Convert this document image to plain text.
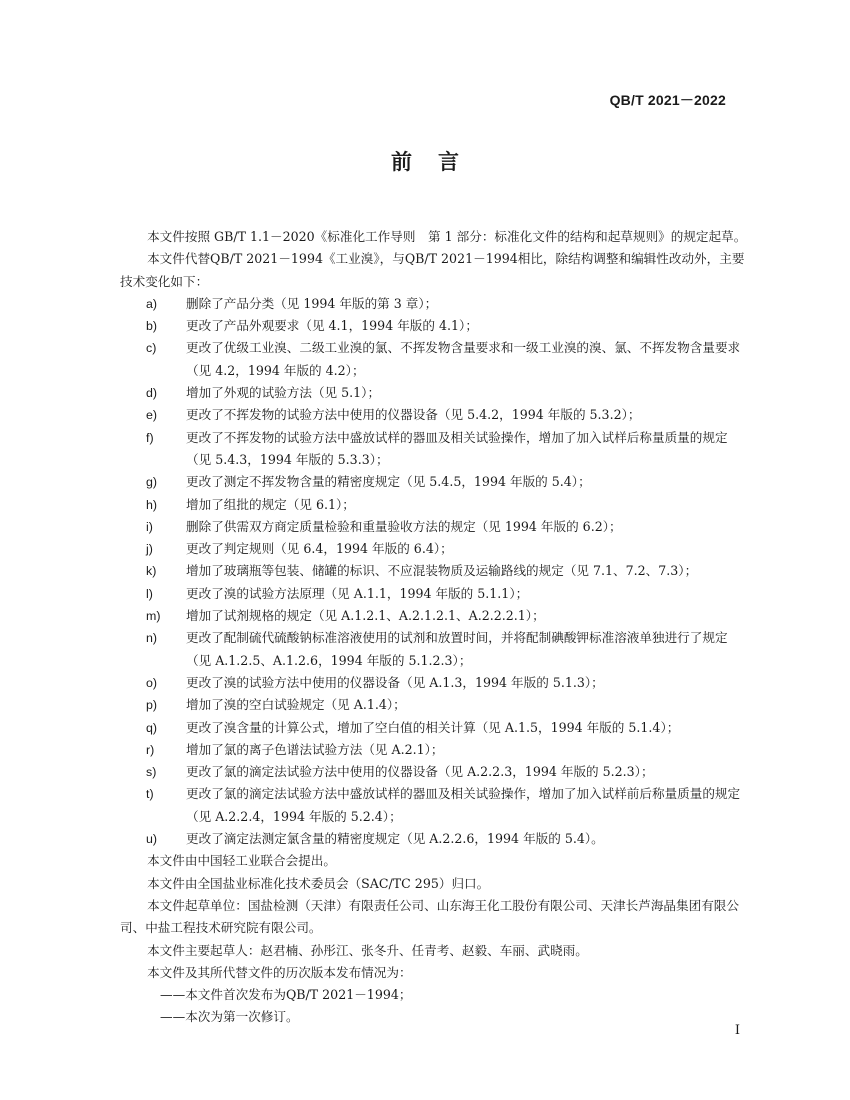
QB/T 2021－2022
前言

本文件按照 GB/T 1.1－2020《标准化工作导则　第 1 部分：标准化文件的结构和起草规则》的规定起草。

本文件代替QB/T 2021－1994《工业溴》，与QB/T 2021－1994相比，除结构调整和编辑性改动外，主要技术变化如下：

a)	删除了产品分类（见 1994 年版的第 3 章）；
b)	更改了产品外观要求（见 4.1，1994 年版的 4.1）；
c)	更改了优级工业溴、二级工业溴的氯、不挥发物含量要求和一级工业溴的溴、氯、不挥发物含量要求（见 4.2，1994 年版的 4.2）；
d)	增加了外观的试验方法（见 5.1）；
e)	更改了不挥发物的试验方法中使用的仪器设备（见 5.4.2，1994 年版的 5.3.2）；
f)	更改了不挥发物的试验方法中盛放试样的器皿及相关试验操作，增加了加入试样后称量质量的规定（见 5.4.3，1994 年版的 5.3.3）；
g)	更改了测定不挥发物含量的精密度规定（见 5.4.5，1994 年版的 5.4）；
h)	增加了组批的规定（见 6.1）；
i)	删除了供需双方商定质量检验和重量验收方法的规定（见 1994 年版的 6.2）；
j)	更改了判定规则（见 6.4，1994 年版的 6.4）；
k)	增加了玻璃瓶等包装、储罐的标识、不应混装物质及运输路线的规定（见 7.1、7.2、7.3）；
l)	更改了溴的试验方法原理（见 A.1.1，1994 年版的 5.1.1）；
m)	增加了试剂规格的规定（见 A.1.2.1、A.2.1.2.1、A.2.2.2.1）；
n)	更改了配制硫代硫酸钠标准溶液使用的试剂和放置时间，并将配制碘酸钾标准溶液单独进行了规定（见 A.1.2.5、A.1.2.6，1994 年版的 5.1.2.3）；
o)	更改了溴的试验方法中使用的仪器设备（见 A.1.3，1994 年版的 5.1.3）；
p)	增加了溴的空白试验规定（见 A.1.4）；
q)	更改了溴含量的计算公式，增加了空白值的相关计算（见 A.1.5，1994 年版的 5.1.4）；
r)	增加了氯的离子色谱法试验方法（见 A.2.1）；
s)	更改了氯的滴定法试验方法中使用的仪器设备（见 A.2.2.3，1994 年版的 5.2.3）；
t)	更改了氯的滴定法试验方法中盛放试样的器皿及相关试验操作，增加了加入试样前后称量质量的规定（见 A.2.2.4，1994 年版的 5.2.4）；
u)	更改了滴定法测定氯含量的精密度规定（见 A.2.2.6，1994 年版的 5.4）。

本文件由中国轻工业联合会提出。

本文件由全国盐业标准化技术委员会（SAC/TC 295）归口。

本文件起草单位：国盐检测（天津）有限责任公司、山东海王化工股份有限公司、天津长芦海晶集团有限公司、中盐工程技术研究院有限公司。

本文件主要起草人：赵君楠、孙彤江、张冬升、任青考、赵毅、车丽、武晓雨。

本文件及其所代替文件的历次版本发布情况为：

——本文件首次发布为QB/T 2021－1994；

——本次为第一次修订。

I
